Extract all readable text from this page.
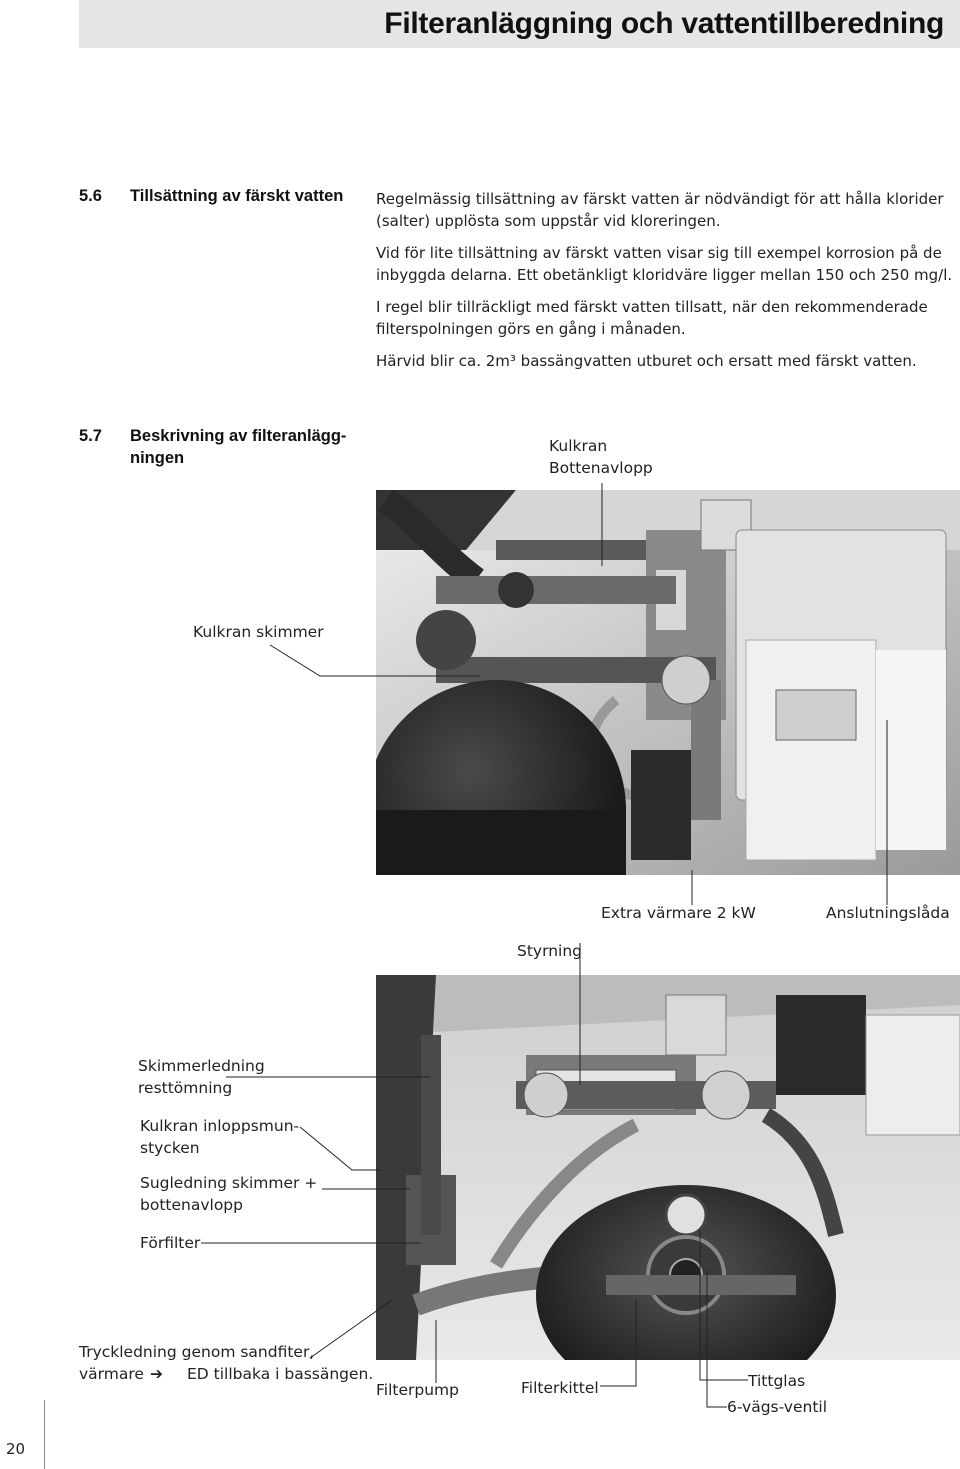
Filteranläggning och vattentillberedning
5.6 Tillsättning av färskt vatten Regelmässig tillsättning av färskt vatten är nödvändigt för att hålla klorider (salter) upplösta som uppstår vid kloreringen.

Vid för lite tillsättning av färskt vatten visar sig till exempel korrosion på de inbyggda delarna. Ett obetänkligt kloridväre ligger mellan 150 och 250 mg/l.

I regel blir tillräckligt med färskt vatten tillsatt, när den rekommenderade filterspolningen görs en gång i månaden.

Härvid blir ca. 2m³ bassängvatten utburet och ersatt med färskt vatten.

5.7 Beskrivning av filteranlägg-
ningen
Kulkran
Bottenavlopp
Kulkran skimmer
Extra värmare 2 kW	Anslutningslåda
Styrning
Skimmerledning
resttömning
Kulkran inloppsmun-
stycken
Sugledning skimmer +
bottenavlopp
Förfilter
Tryckledning genom sandfiter,
värmare ➔ ED tillbaka i bassängen.
Filterpump	Filterkittel	Tittglas
6-vägs-ventil
20
